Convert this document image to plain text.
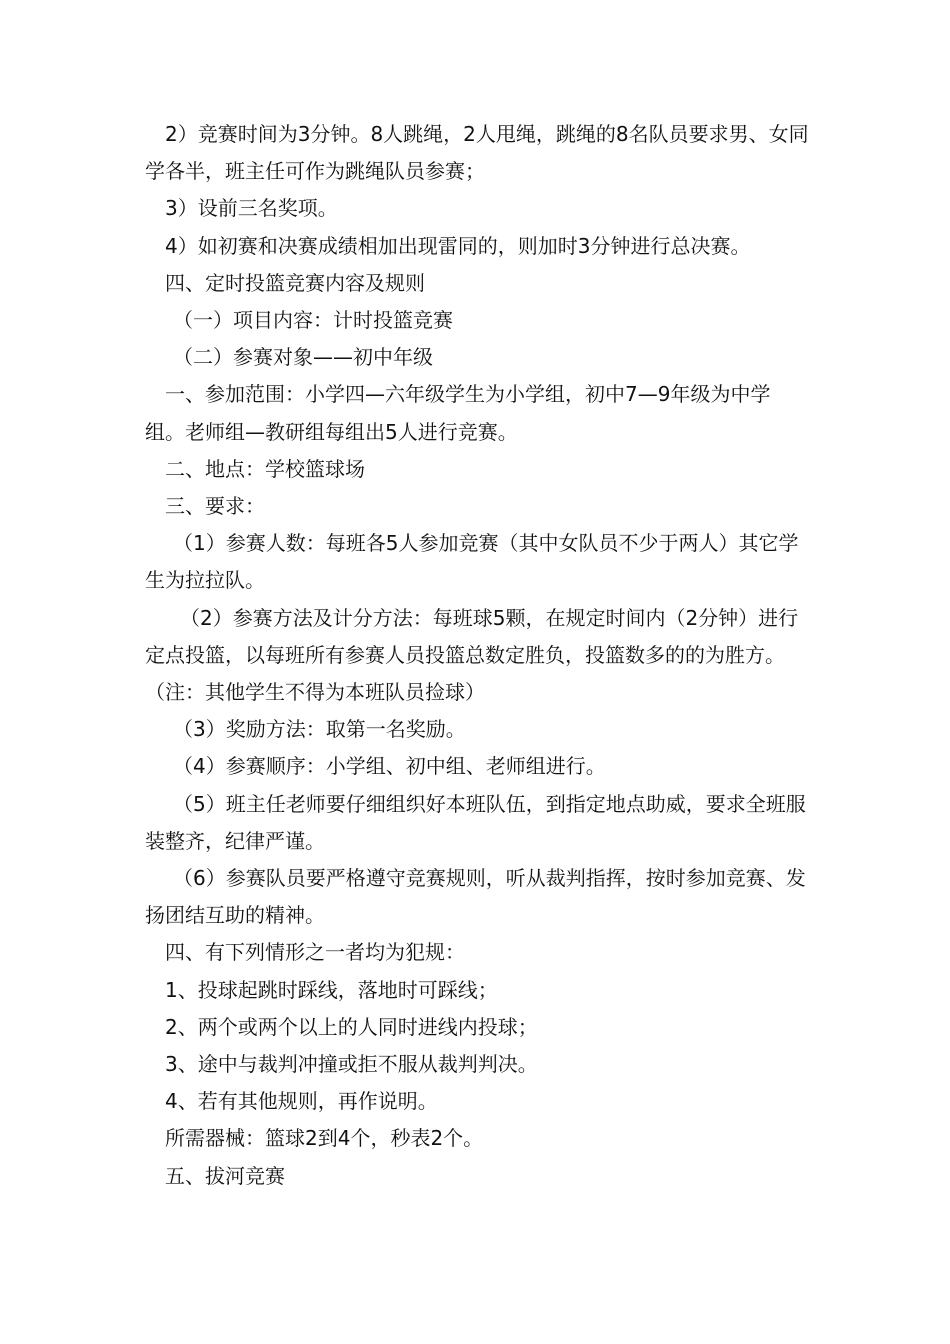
2）竞赛时间为3分钟。8人跳绳，2人甩绳，跳绳的8名队员要求男、女同学各半，班主任可作为跳绳队员参赛；

3）设前三名奖项。

4）如初赛和决赛成绩相加出现雷同的，则加时3分钟进行总决赛。

四、定时投篮竞赛内容及规则

（一）项目内容：计时投篮竞赛

（二）参赛对象——初中年级

一、参加范围：小学四—六年级学生为小学组，初中7—9年级为中学组。老师组—教研组每组出5人进行竞赛。

二、地点：学校篮球场

三、要求：

（1）参赛人数：每班各5人参加竞赛（其中女队员不少于两人）其它学生为拉拉队。

（2）参赛方法及计分方法：每班球5颗，在规定时间内（2分钟）进行定点投篮，以每班所有参赛人员投篮总数定胜负，投篮数多的的为胜方。（注：其他学生不得为本班队员捡球）

（3）奖励方法：取第一名奖励。

（4）参赛顺序：小学组、初中组、老师组进行。

（5）班主任老师要仔细组织好本班队伍，到指定地点助威，要求全班服装整齐，纪律严谨。

（6）参赛队员要严格遵守竞赛规则，听从裁判指挥，按时参加竞赛、发扬团结互助的精神。

四、有下列情形之一者均为犯规：

1、投球起跳时踩线，落地时可踩线；

2、两个或两个以上的人同时进线内投球；

3、途中与裁判冲撞或拒不服从裁判判决。

4、若有其他规则，再作说明。

所需器械：篮球2到4个，秒表2个。

五、拔河竞赛
